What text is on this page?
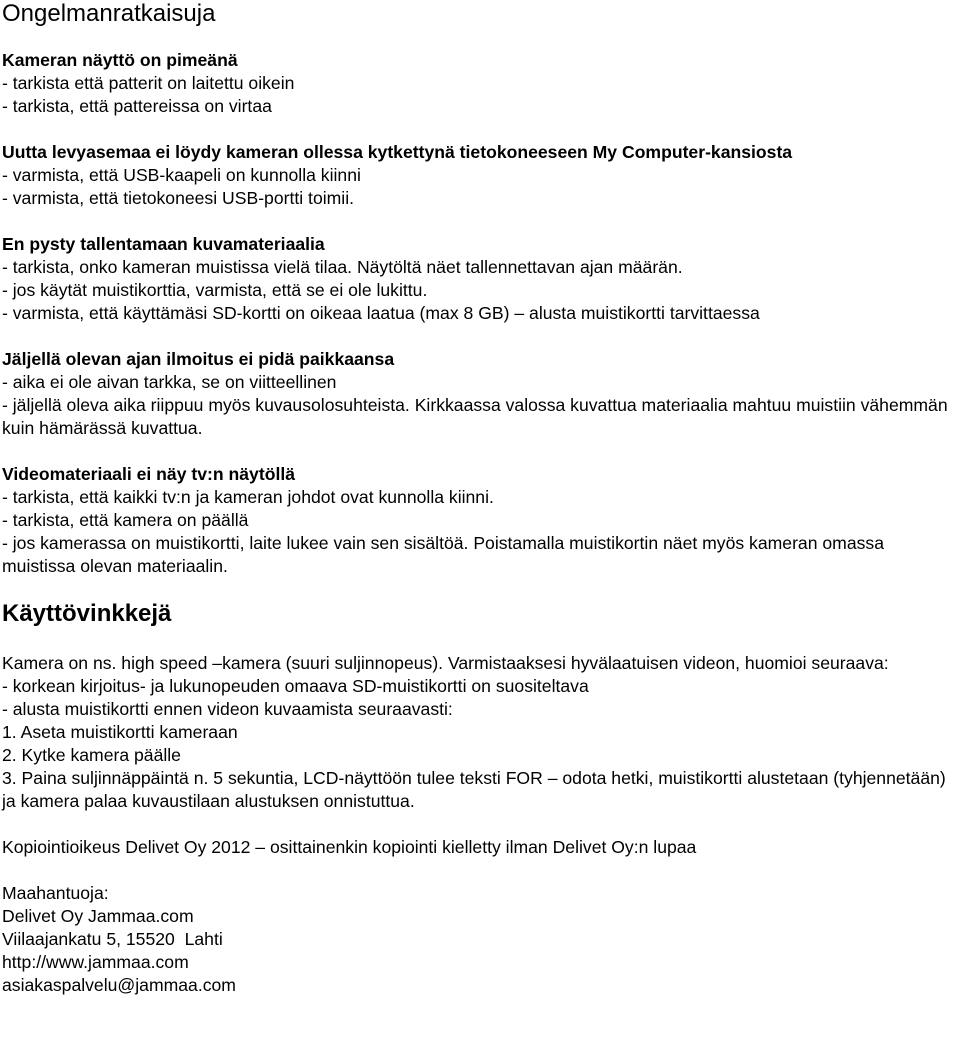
Ongelmanratkaisuja
Kameran näyttö on pimeänä
- tarkista että patterit on laitettu oikein
- tarkista, että pattereissa on virtaa
Uutta levyasemaa ei löydy kameran ollessa kytkettynä tietokoneeseen My Computer-kansiosta
- varmista, että USB-kaapeli on kunnolla kiinni
- varmista, että tietokoneesi USB-portti toimii.
En pysty tallentamaan kuvamateriaalia
- tarkista, onko kameran muistissa vielä tilaa. Näytöltä näet tallennettavan ajan määrän.
- jos käytät muistikorttia, varmista, että se ei ole lukittu.
- varmista, että käyttämäsi SD-kortti on oikeaa laatua (max 8 GB) – alusta muistikortti tarvittaessa
Jäljellä olevan ajan ilmoitus ei pidä paikkaansa
- aika ei ole aivan tarkka, se on viitteellinen
- jäljellä oleva aika riippuu myös kuvausolosuhteista. Kirkkaassa valossa kuvattua materiaalia mahtuu muistiin vähemmän kuin hämärässä kuvattua.
Videomateriaali ei näy tv:n näytöllä
- tarkista, että kaikki tv:n ja kameran johdot ovat kunnolla kiinni.
- tarkista, että kamera on päällä
- jos kamerassa on muistikortti, laite lukee vain sen sisältöä. Poistamalla muistikortin näet myös kameran omassa muistissa olevan materiaalin.
Käyttövinkkejä
Kamera on ns. high speed –kamera (suuri suljinnopeus). Varmistaaksesi hyvälaatuisen videon, huomioi seuraava:
- korkean kirjoitus- ja lukunopeuden omaava SD-muistikortti on suositeltava
- alusta muistikortti ennen videon kuvaamista seuraavasti:
1. Aseta muistikortti kameraan
2. Kytke kamera päälle
3. Paina suljinnäppäintä n. 5 sekuntia, LCD-näyttöön tulee teksti FOR – odota hetki, muistikortti alustetaan (tyhjennetään) ja kamera palaa kuvaustilaan alustuksen onnistuttua.
Kopiointioikeus Delivet Oy 2012 – osittainenkin kopiointi kielletty ilman Delivet Oy:n lupaa
Maahantuoja:
Delivet Oy Jammaa.com
Viilaajankatu 5, 15520  Lahti
http://www.jammaa.com
asiakaspalvelu@jammaa.com
